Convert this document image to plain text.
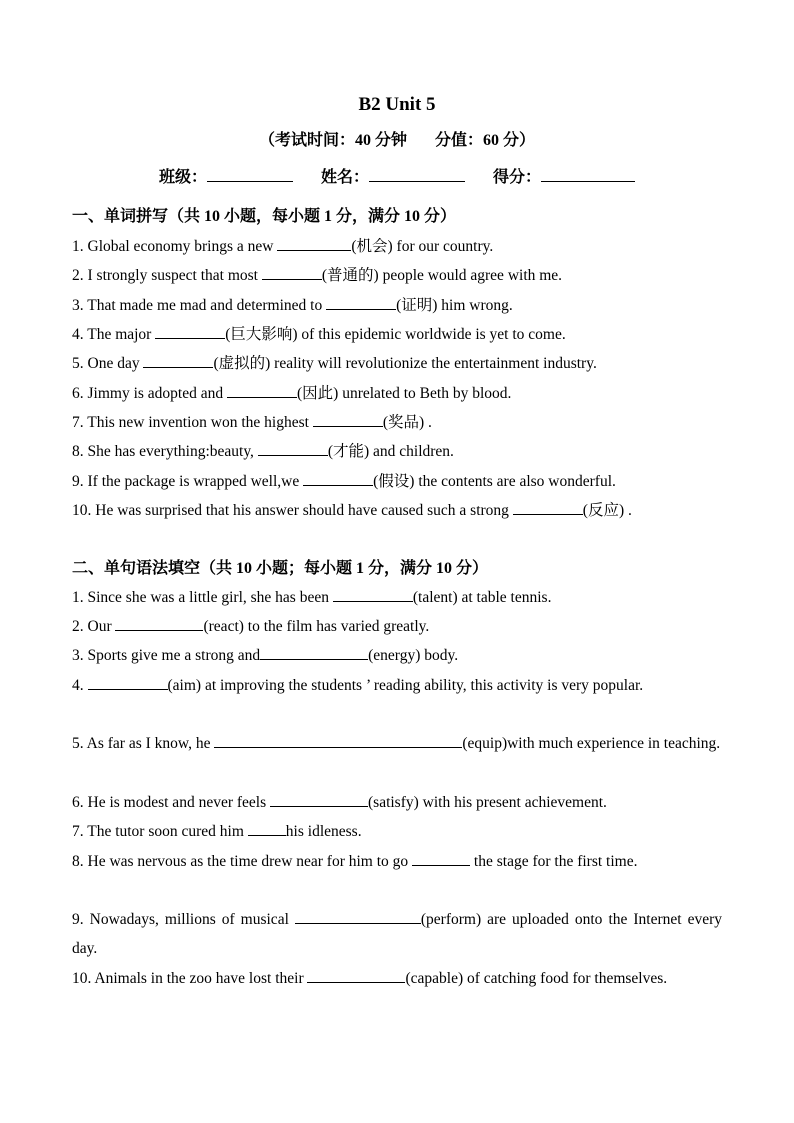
B2 Unit 5
（考试时间：40 分钟 分值：60 分）
班级：	姓名：	得分：
一、单词拼写（共 10 小题，每小题 1 分，满分 10 分）
1. Global economy brings a new	(机会) for our country.
2. I strongly suspect that most	(普通的) people would agree with me.
3. That made me mad and determined to	(证明) him wrong.
4. The major	(巨大影响) of this epidemic worldwide is yet to come.
5. One day	(虚拟的) reality will revolutionize the entertainment industry.
6. Jimmy is adopted and	(因此) unrelated to Beth by blood.
7. This new invention won the highest	(奖品) .
8. She has everything:beauty,	(才能) and children.
9. If the package is wrapped well,we	(假设) the contents are also wonderful.
10. He was surprised that his answer should have caused such a strong	(反应) .
二、单句语法填空（共 10 小题；每小题 1 分，满分 10 分）
1. Since she was a little girl, she has been	(talent) at table tennis.
2. Our	(react) to the film has varied greatly.
3. Sports give me a strong and	(energy) body.
4.	(aim) at improving the students ’ reading ability, this activity is very popular.
5. As far as I know, he	(equip)with much experience in teaching.
6. He is modest and never feels	(satisfy) with his present achievement.
7. The tutor soon cured him his idleness.
8. He was nervous as the time drew near for him to go	the stage for the first time.
9. Nowadays, millions of musical	(perform) are uploaded onto the Internet every day.
10. Animals in the zoo have lost their	(capable) of catching food for themselves.
